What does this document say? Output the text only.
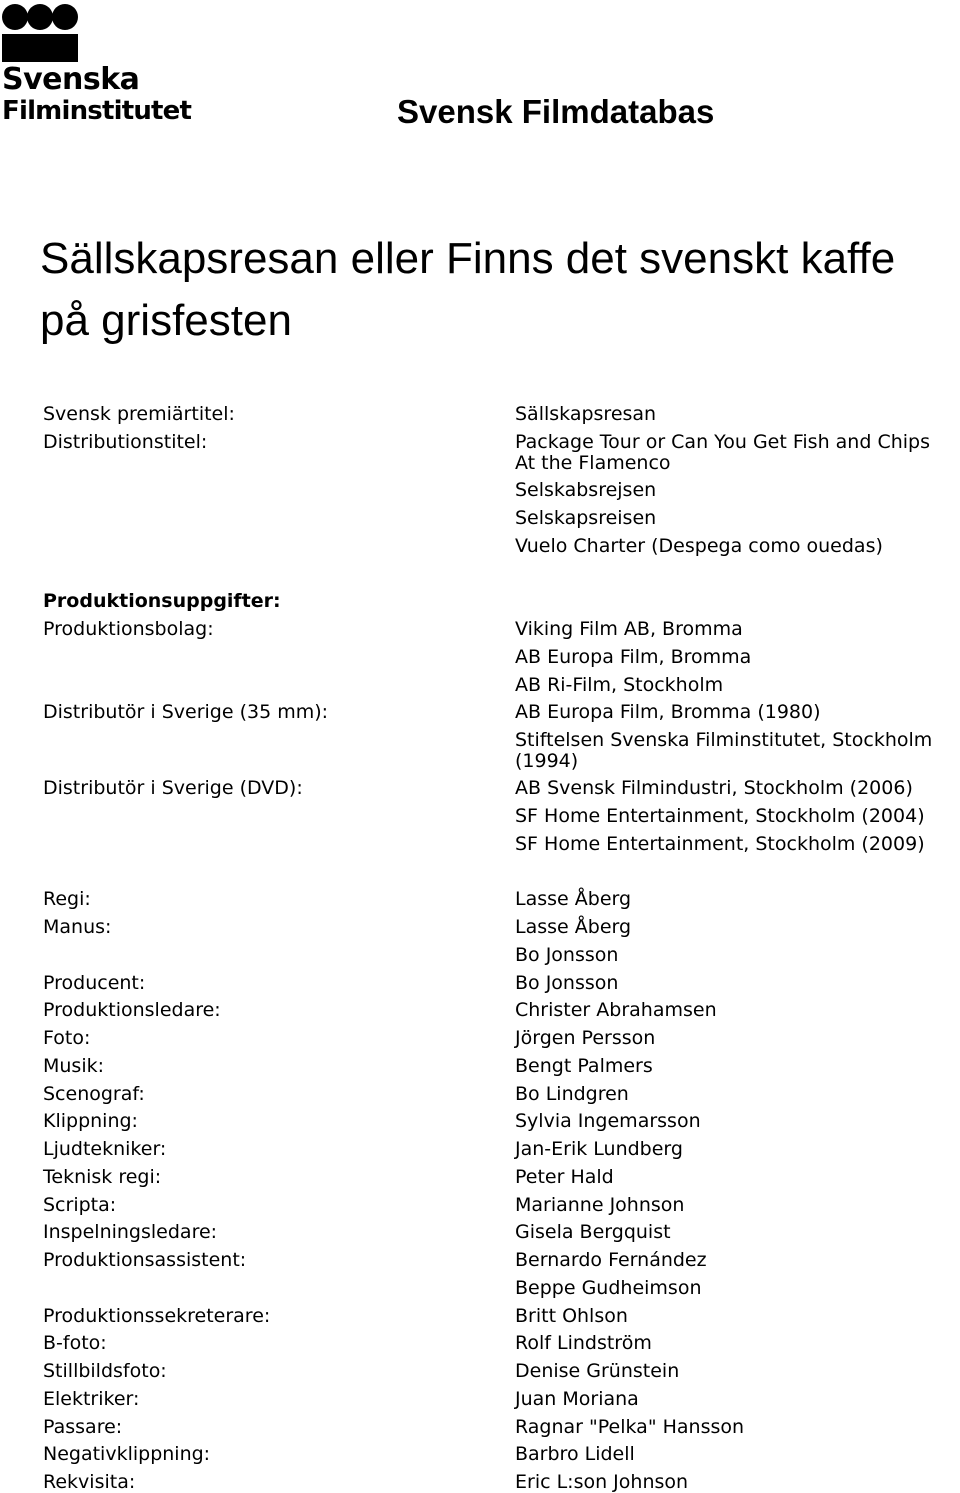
Svenska
Filminstitutet	Svensk Filmdatabas
Sällskapsresan eller Finns det svenskt kaffe på grisfesten
Svensk premiärtitel:	Sällskapsresan
Distributionstitel:	Package Tour or Can You Get Fish and Chips
At the Flamenco
Selskabsrejsen
Selskapsreisen
Vuelo Charter (Despega como ouedas)
Produktionsuppgifter:
Produktionsbolag:	Viking Film AB, Bromma
AB Europa Film, Bromma
AB Ri-Film, Stockholm
Distributör i Sverige (35 mm):	AB Europa Film, Bromma (1980)
Stiftelsen Svenska Filminstitutet, Stockholm
(1994)
Distributör i Sverige (DVD):	AB Svensk Filmindustri, Stockholm (2006)
SF Home Entertainment, Stockholm (2004)
SF Home Entertainment, Stockholm (2009)
Regi:	Lasse Åberg
Manus:	Lasse Åberg
Bo Jonsson
Producent:	Bo Jonsson
Produktionsledare:	Christer Abrahamsen
Foto:	Jörgen Persson
Musik:	Bengt Palmers
Scenograf:	Bo Lindgren
Klippning:	Sylvia Ingemarsson
Ljudtekniker:	Jan-Erik Lundberg
Teknisk regi:	Peter Hald
Scripta:	Marianne Johnson
Inspelningsledare:	Gisela Bergquist
Produktionsassistent:	Bernardo Fernández
Beppe Gudheimson
Produktionssekreterare:	Britt Ohlson
B-foto:	Rolf Lindström
Stillbildsfoto:	Denise Grünstein
Elektriker:	Juan Moriana
Passare:	Ragnar "Pelka" Hansson
Negativklippning:	Barbro Lidell
Rekvisita:	Eric L:son Johnson
